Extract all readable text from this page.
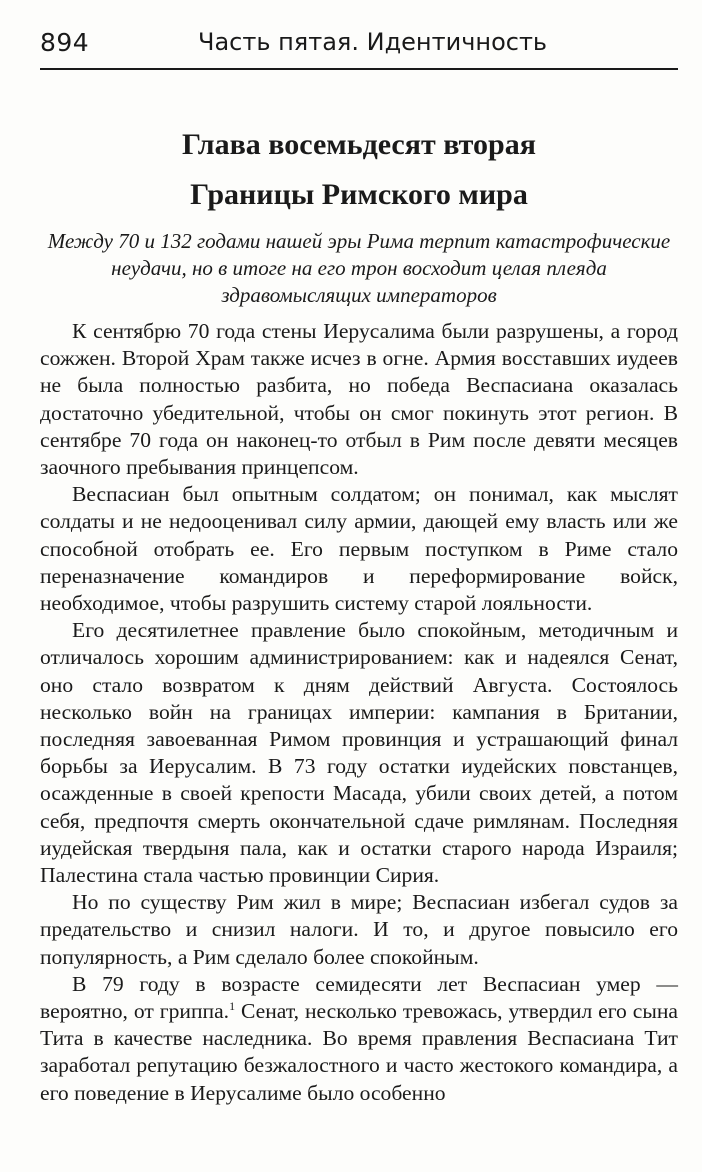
894	Часть пятая. Идентичность
Глава восемьдесят вторая
Границы Римского мира
Между 70 и 132 годами нашей эры Рима терпит катастрофические неудачи, но в итоге на его трон восходит целая плеяда здравомыслящих императоров

К сентябрю 70 года стены Иерусалима были разрушены, а город сожжен. Второй Храм также исчез в огне. Армия восставших иудеев не была полностью разбита, но победа Веспасиана оказалась достаточно убедительной, чтобы он смог покинуть этот регион. В сентябре 70 года он наконец-то отбыл в Рим после девяти месяцев заочного пребывания принцепсом.

Веспасиан был опытным солдатом; он понимал, как мыслят солдаты и не недооценивал силу армии, дающей ему власть или же способной отобрать ее. Его первым поступком в Риме стало переназначение командиров и переформирование войск, необходимое, чтобы разрушить систему старой лояльности.

Его десятилетнее правление было спокойным, методичным и отличалось хорошим администрированием: как и надеялся Сенат, оно стало возвратом к дням действий Августа. Состоялось несколько войн на границах империи: кампания в Британии, последняя завоеванная Римом провинция и устрашающий финал борьбы за Иерусалим. В 73 году остатки иудейских повстанцев, осажденные в своей крепости Масада, убили своих детей, а потом себя, предпочтя смерть окончательной сдаче римлянам. Последняя иудейская твердыня пала, как и остатки старого народа Израиля; Палестина стала частью провинции Сирия.

Но по существу Рим жил в мире; Веспасиан избегал судов за предательство и снизил налоги. И то, и другое повысило его популярность, а Рим сделало более спокойным.

В 79 году в возрасте семидесяти лет Веспасиан умер — вероятно, от гриппа.$^1$ Сенат, несколько тревожась, утвердил его сына Тита в качестве наследника. Во время правления Веспасиана Тит заработал репутацию безжалостного и часто жестокого командира, а его поведение в Иерусалиме было особенно
